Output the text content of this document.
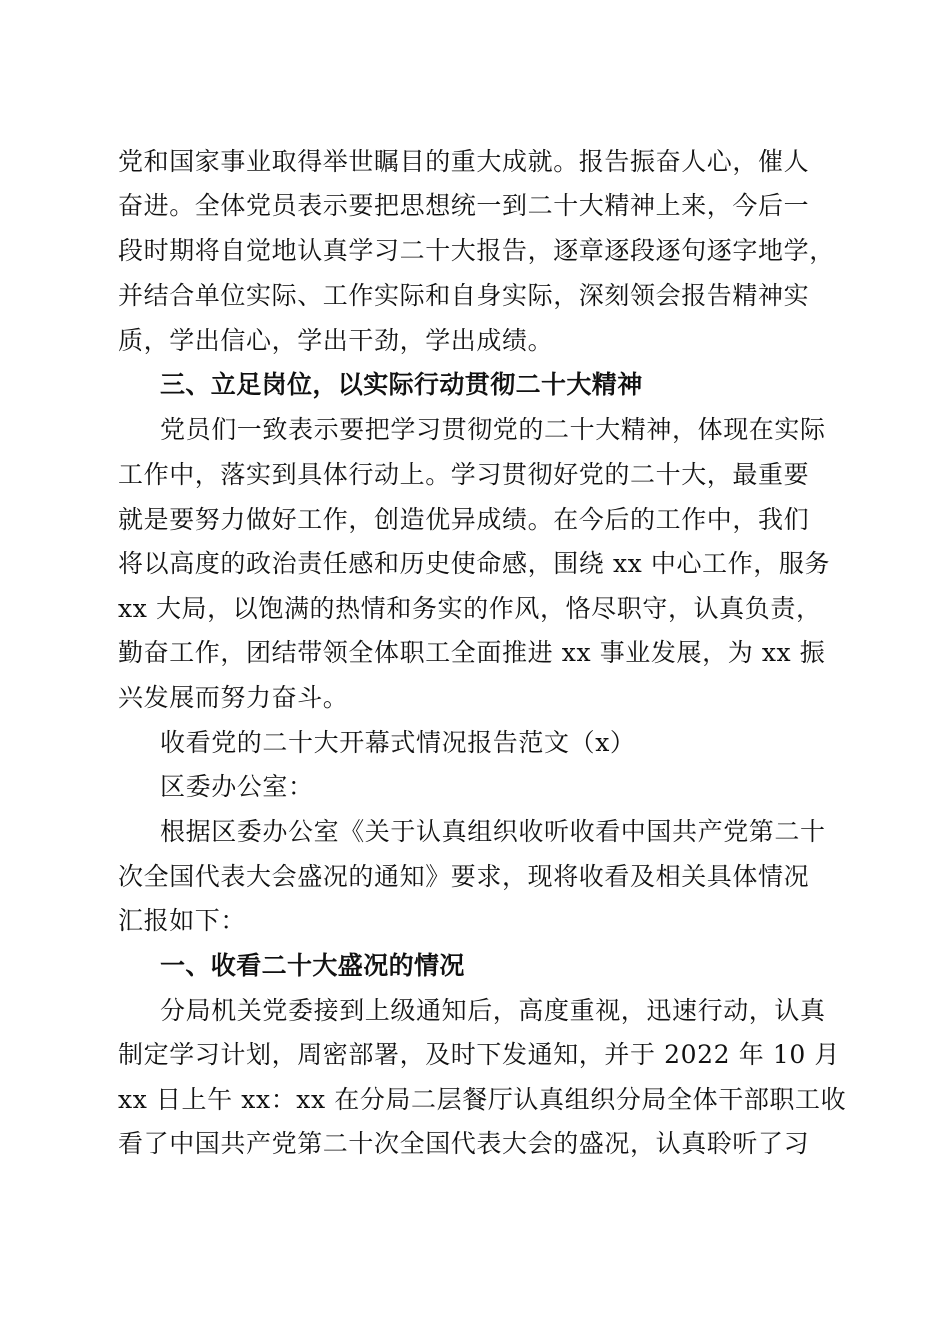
党和国家事业取得举世瞩目的重大成就。报告振奋人心，催人
奋进。全体党员表示要把思想统一到二十大精神上来，今后一
段时期将自觉地认真学习二十大报告，逐章逐段逐句逐字地学，
并结合单位实际、工作实际和自身实际，深刻领会报告精神实
质，学出信心，学出干劲，学出成绩。
三、立足岗位，以实际行动贯彻二十大精神
党员们一致表示要把学习贯彻党的二十大精神，体现在实际
工作中，落实到具体行动上。学习贯彻好党的二十大，最重要
就是要努力做好工作，创造优异成绩。在今后的工作中，我们
将以高度的政治责任感和历史使命感，围绕 xx 中心工作，服务
xx 大局，以饱满的热情和务实的作风，恪尽职守，认真负责，
勤奋工作，团结带领全体职工全面推进 xx 事业发展，为 xx 振
兴发展而努力奋斗。
收看党的二十大开幕式情况报告范文（x）
区委办公室：
根据区委办公室《关于认真组织收听收看中国共产党第二十
次全国代表大会盛况的通知》要求，现将收看及相关具体情况
汇报如下：
一、收看二十大盛况的情况
分局机关党委接到上级通知后，高度重视，迅速行动，认真
制定学习计划，周密部署，及时下发通知，并于 2022 年 10 月
xx 日上午 xx：xx 在分局二层餐厅认真组织分局全体干部职工收
看了中国共产党第二十次全国代表大会的盛况，认真聆听了习
